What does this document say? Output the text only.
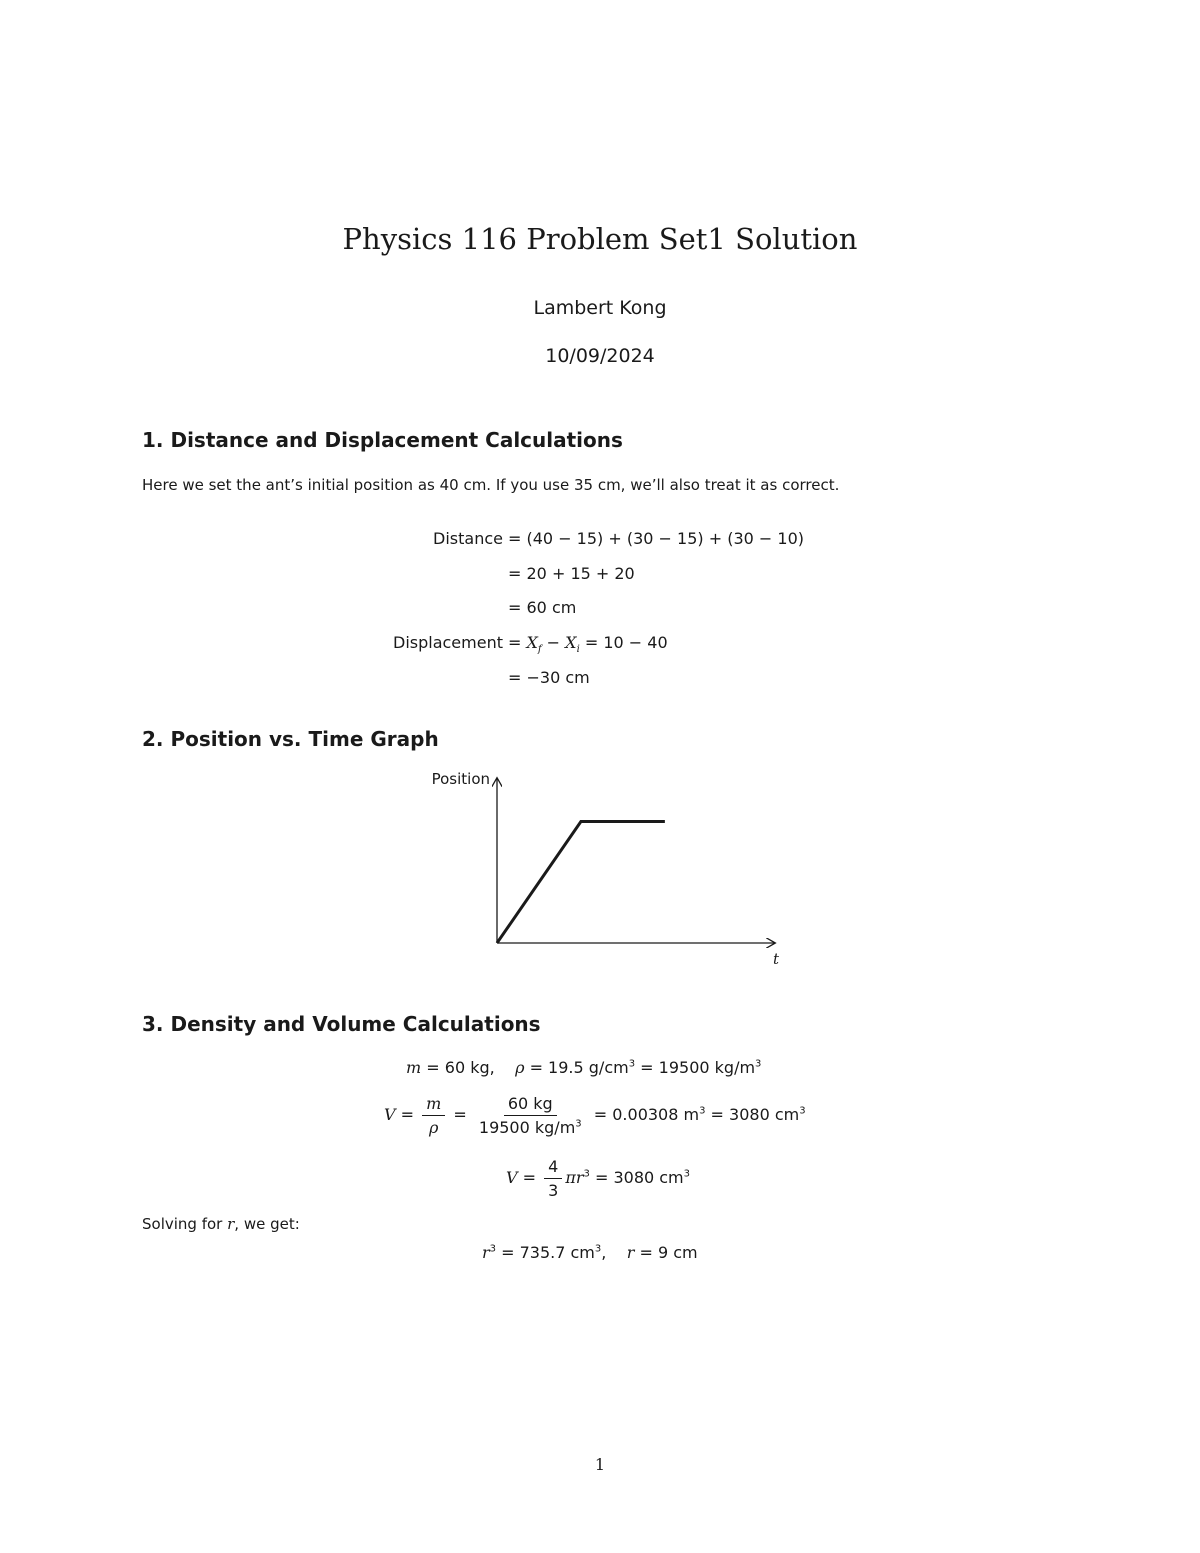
Physics 116 Problem Set1 Solution
Lambert Kong
10/09/2024
1. Distance and Displacement Calculations
Here we set the ant’s initial position as 40 cm. If you use 35 cm, we’ll also treat it as correct.
Distance = (40 − 15) + (30 − 15) + (30 − 10)
= 20 + 15 + 20
= 60 cm
Displacement = $X_f - X_i = 10 - 40$
= −30 cm
2. Position vs. Time Graph
Position
t
3. Density and Volume Calculations
m = 60 kg, ρ = 19.5 $g/cm^3 = 19500$ $kg/m^3$
$V = \frac{m}{\rho} = \frac{60 kg}{19500 kg/m^3} = 0.00308$ $m^3 = 3080$ $cm^3$
$V = \frac{4}{3} \pi r^3 = 3080$ $cm^3$
Solving for r, we get:
$r^3 = 735.7$ $cm^3$,    r = 9 cm
1
